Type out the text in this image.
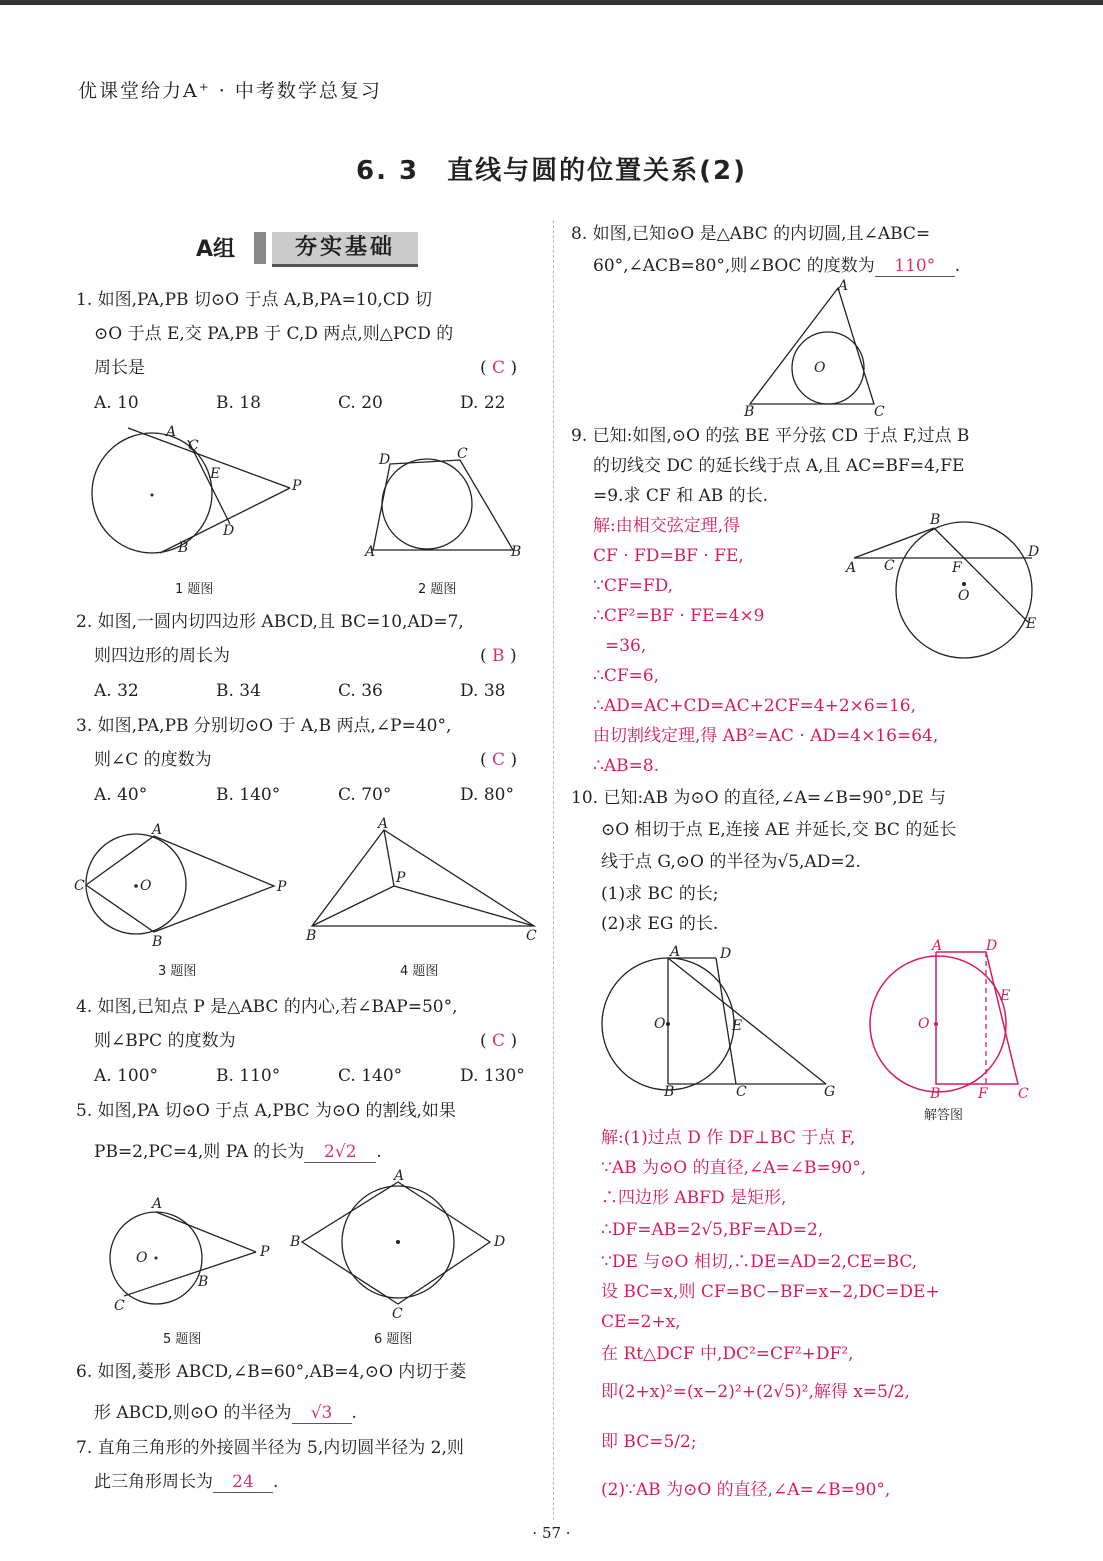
优课堂给力A⁺ · 中考数学总复习
6. 3 直线与圆的位置关系(2)
A组	夯实基础
1. 如图,PA,PB 切⊙O 于点 A,B,PA=10,CD 切
⊙O 于点 E,交 PA,PB 于 C,D 两点,则△PCD 的
周长是	( C )
A. 10	B. 18	C. 20	D. 22
A
C
E
P
D
B
1 题图
D	C
A	B
2 题图
2. 如图,一圆内切四边形 ABCD,且 BC=10,AD=7,
则四边形的周长为	( B )
A. 32	B. 34	C. 36	D. 38
3. 如图,PA,PB 分别切⊙O 于 A,B 两点,∠P=40°,
则∠C 的度数为	( C )
A. 40°	B. 140°	C. 70°	D. 80°
C
A
O	P
B
3 题图
A
P
B	C
4 题图
4. 如图,已知点 P 是△ABC 的内心,若∠BAP=50°,
则∠BPC 的度数为	( C )
A. 100°	B. 110°	C. 140°	D. 130°
5. 如图,PA 切⊙O 于点 A,PBC 为⊙O 的割线,如果
PB=2,PC=4,则 PA 的长为 2√2 .
A
O	P
B
C
5 题图
A
B	D
C
6 题图
6. 如图,菱形 ABCD,∠B=60°,AB=4,⊙O 内切于菱
形 ABCD,则⊙O 的半径为 √3 .
7. 直角三角形的外接圆半径为 5,内切圆半径为 2,则
此三角形周长为 24 .
8. 如图,已知⊙O 是△ABC 的内切圆,且∠ABC=
60°,∠ACB=80°,则∠BOC 的度数为 110° .
A
O
B	C
9. 已知:如图,⊙O 的弦 BE 平分弦 CD 于点 F,过点 B
的切线交 DC 的延长线于点 A,且 AC=BF=4,FE
=9.求 CF 和 AB 的长.
解:由相交弦定理,得
CF · FD=BF · FE,
∵CF=FD,
∴CF²=BF · FE=4×9
=36,
∴CF=6,
∴AD=AC+CD=AC+2CF=4+2×6=16,
由切割线定理,得 AB²=AC · AD=4×16=64,
∴AB=8.
B
A C	F
D
O
E
10. 已知:AB 为⊙O 的直径,∠A=∠B=90°,DE 与
⊙O 相切于点 E,连接 AE 并延长,交 BC 的延长
线于点 G,⊙O 的半径为√5,AD=2.
(1)求 BC 的长;
(2)求 EG 的长.
A	D
E
O
B	C	G
A	D
E
O
B	F C
解答图
解:(1)过点 D 作 DF⊥BC 于点 F,
∵AB 为⊙O 的直径,∠A=∠B=90°,
∴四边形 ABFD 是矩形,
∴DF=AB=2√5,BF=AD=2,
∵DE 与⊙O 相切,∴DE=AD=2,CE=BC,
设 BC=x,则 CF=BC−BF=x−2,DC=DE+
CE=2+x,
在 Rt△DCF 中,DC²=CF²+DF²,
即(2+x)²=(x−2)²+(2√5)²,解得 x=5/2,
即 BC=5/2;
(2)∵AB 为⊙O 的直径,∠A=∠B=90°,
· 57 ·
